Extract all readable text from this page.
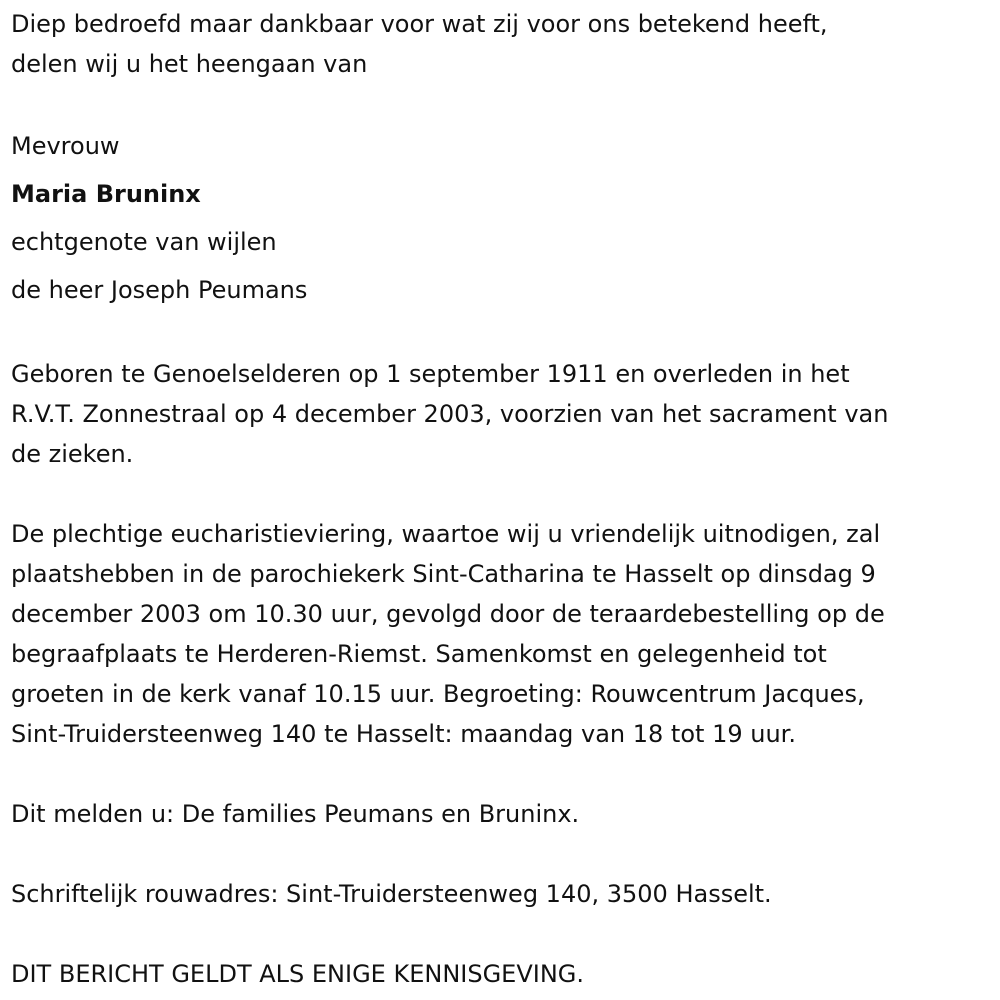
Diep bedroefd maar dankbaar voor wat zij voor ons betekend heeft,
delen wij u het heengaan van
Mevrouw
Maria Bruninx
echtgenote van wijlen
de heer Joseph Peumans
Geboren te Genoelselderen op 1 september 1911 en overleden in het
R.V.T. Zonnestraal op 4 december 2003, voorzien van het sacrament van
de zieken.
De plechtige eucharistieviering, waartoe wij u vriendelijk uitnodigen, zal
plaatshebben in de parochiekerk Sint-Catharina te Hasselt op dinsdag 9
december 2003 om 10.30 uur, gevolgd door de teraardebestelling op de
begraafplaats te Herderen-Riemst. Samenkomst en gelegenheid tot
groeten in de kerk vanaf 10.15 uur. Begroeting: Rouwcentrum Jacques,
Sint-Truidersteenweg 140 te Hasselt: maandag van 18 tot 19 uur.
Dit melden u: De families Peumans en Bruninx.
Schriftelijk rouwadres: Sint-Truidersteenweg 140, 3500 Hasselt.
DIT BERICHT GELDT ALS ENIGE KENNISGEVING.
